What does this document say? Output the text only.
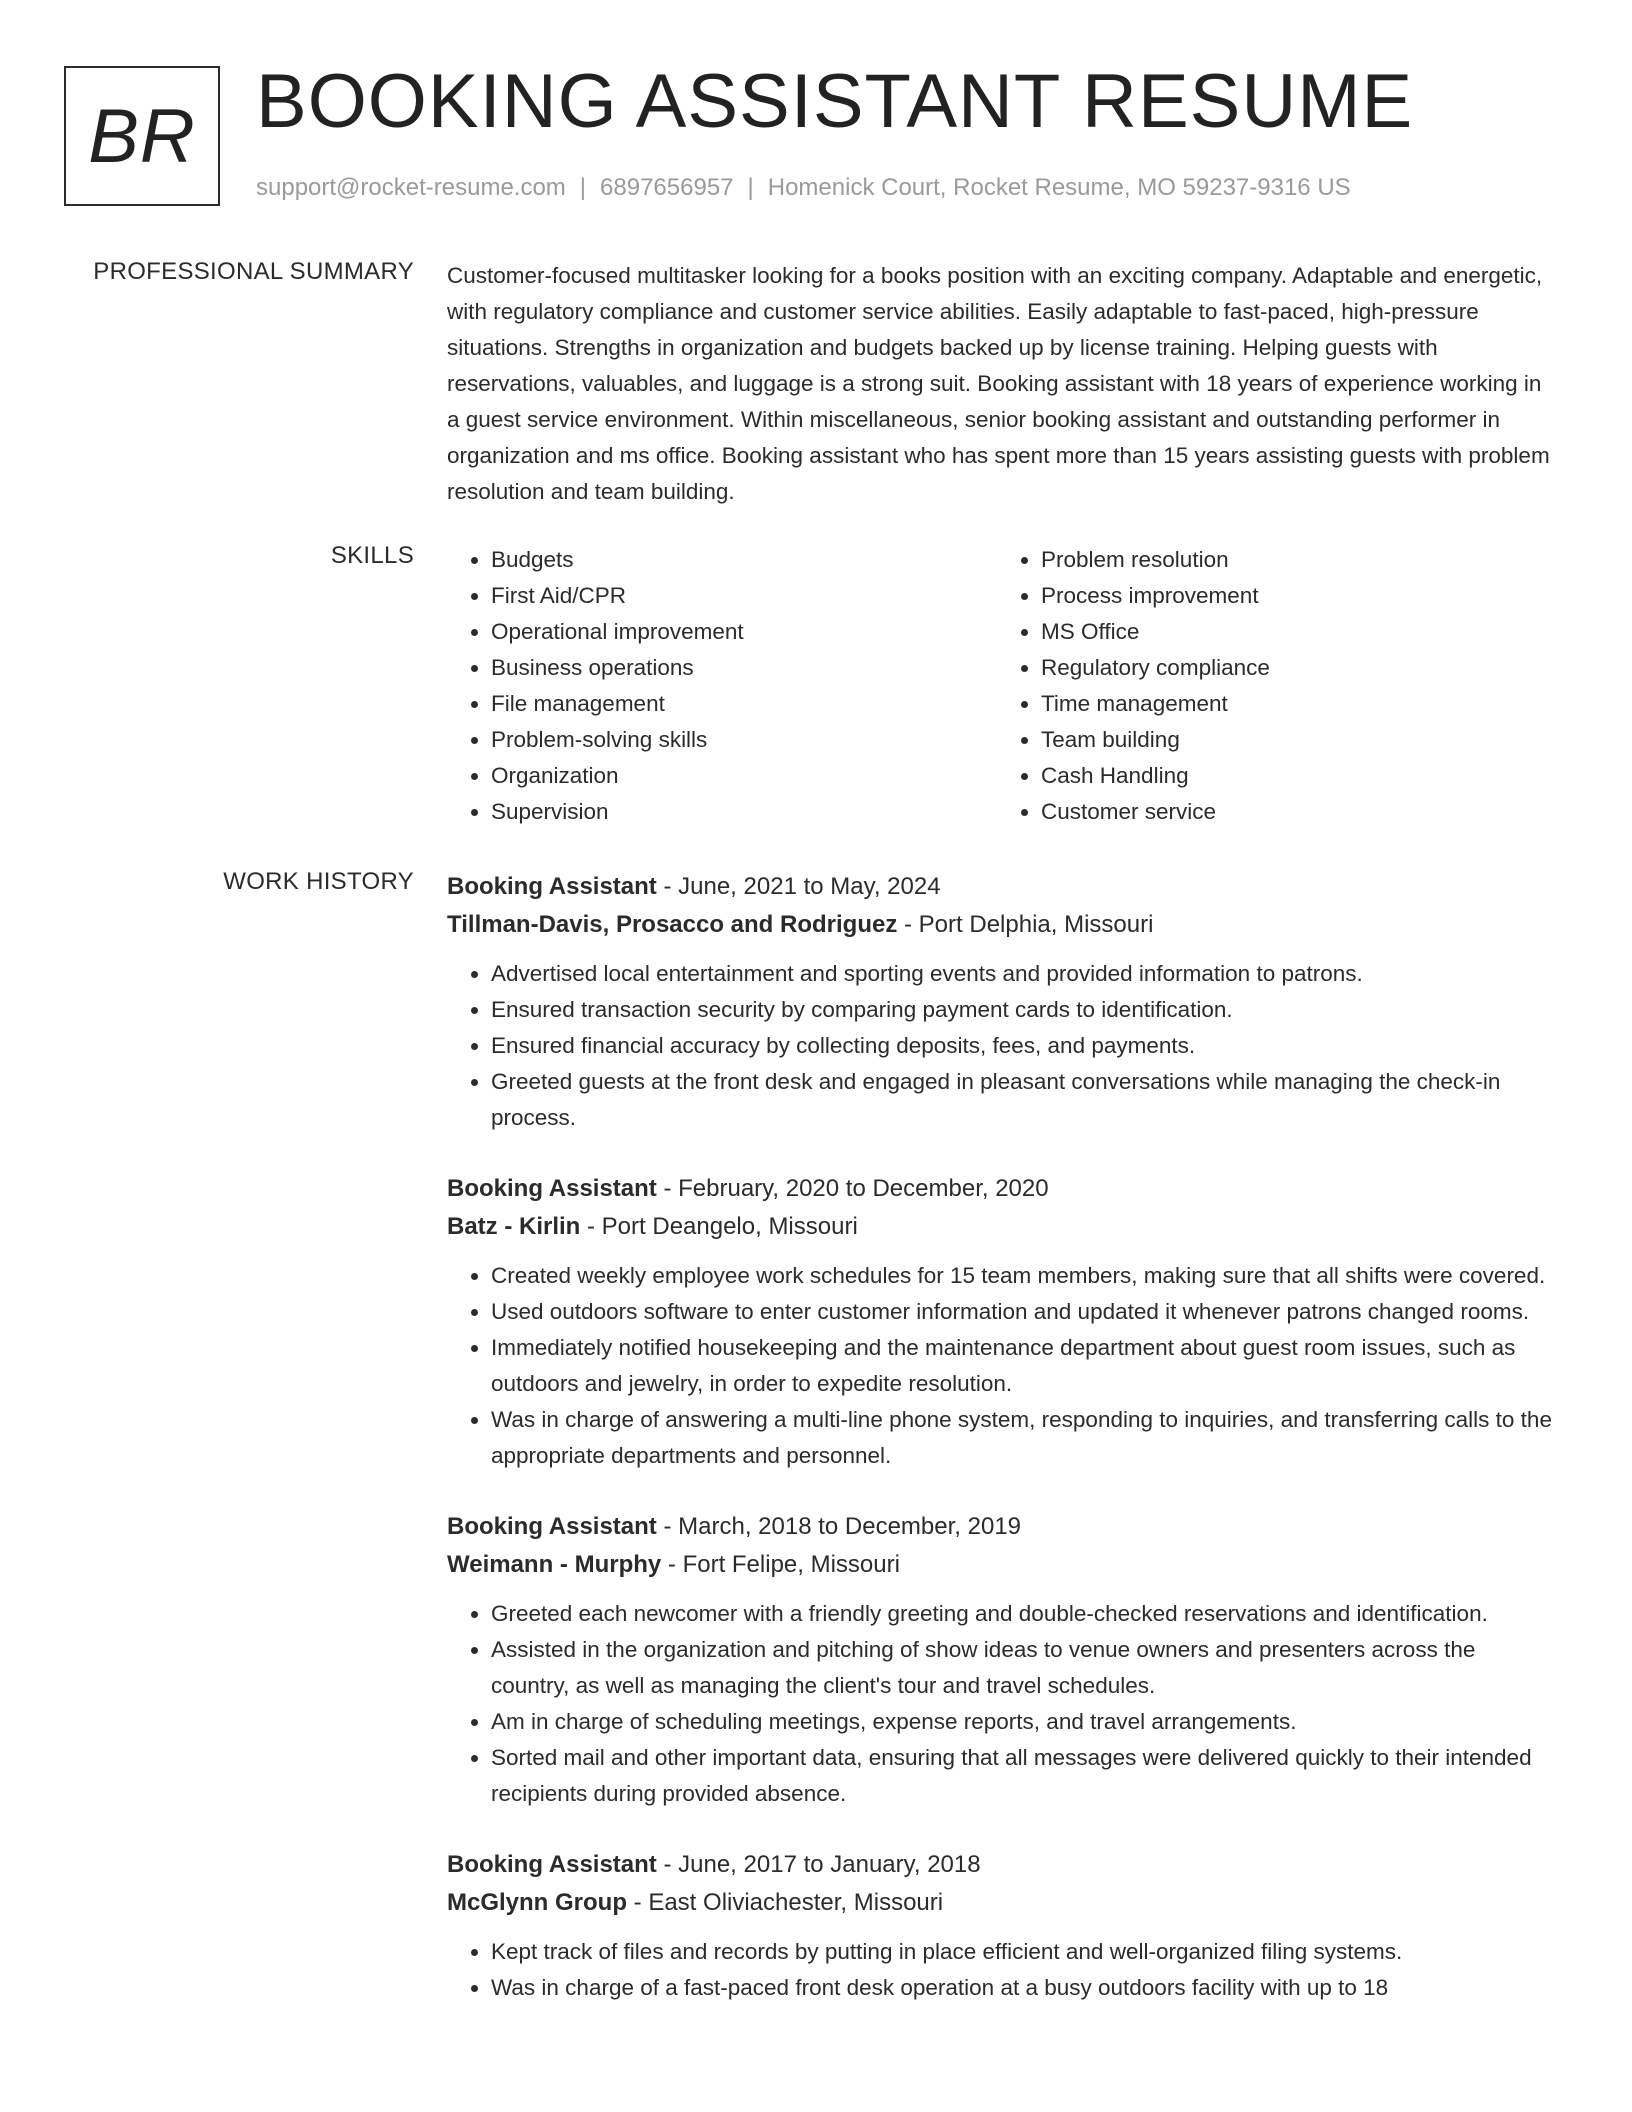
BR BOOKING ASSISTANT RESUME
support@rocket-resume.com | 6897656957 | Homenick Court, Rocket Resume, MO 59237-9316 US
PROFESSIONAL SUMMARY Customer-focused multitasker looking for a books position with an exciting company. Adaptable and energetic, with regulatory compliance and customer service abilities. Easily adaptable to fast-paced, high-pressure situations. Strengths in organization and budgets backed up by license training. Helping guests with reservations, valuables, and luggage is a strong suit. Booking assistant with 18 years of experience working in a guest service environment. Within miscellaneous, senior booking assistant and outstanding performer in organization and ms office. Booking assistant who has spent more than 15 years assisting guests with problem resolution and team building.

SKILLS
•	Budgets
• First Aid/CPR
• Operational improvement
• Business operations
• File management
• Problem-solving skills
• Organization
• Supervision
• Problem resolution
• Process improvement
• MS Office
• Regulatory compliance
• Time management
• Team building
• Cash Handling
• Customer service
WORK HISTORY Booking Assistant - June, 2021 to May, 2024
Tillman-Davis, Prosacco and Rodriguez - Port Delphia, Missouri
• Advertised local entertainment and sporting events and provided information to patrons.
• Ensured transaction security by comparing payment cards to identification.
• Ensured financial accuracy by collecting deposits, fees, and payments.
• Greeted guests at the front desk and engaged in pleasant conversations while managing the check-in process.
Booking Assistant - February, 2020 to December, 2020
Batz - Kirlin - Port Deangelo, Missouri
• Created weekly employee work schedules for 15 team members, making sure that all shifts were covered.
• Used outdoors software to enter customer information and updated it whenever patrons changed rooms.
• Immediately notified housekeeping and the maintenance department about guest room issues, such as outdoors and jewelry, in order to expedite resolution.
• Was in charge of answering a multi-line phone system, responding to inquiries, and transferring calls to the appropriate departments and personnel.
Booking Assistant - March, 2018 to December, 2019
Weimann - Murphy - Fort Felipe, Missouri
• Greeted each newcomer with a friendly greeting and double-checked reservations and identification.
• Assisted in the organization and pitching of show ideas to venue owners and presenters across the country, as well as managing the client's tour and travel schedules.
• Am in charge of scheduling meetings, expense reports, and travel arrangements.
• Sorted mail and other important data, ensuring that all messages were delivered quickly to their intended recipients during provided absence.
Booking Assistant - June, 2017 to January, 2018
McGlynn Group - East Oliviachester, Missouri
• Kept track of files and records by putting in place efficient and well-organized filing systems.
• Was in charge of a fast-paced front desk operation at a busy outdoors facility with up to 18
